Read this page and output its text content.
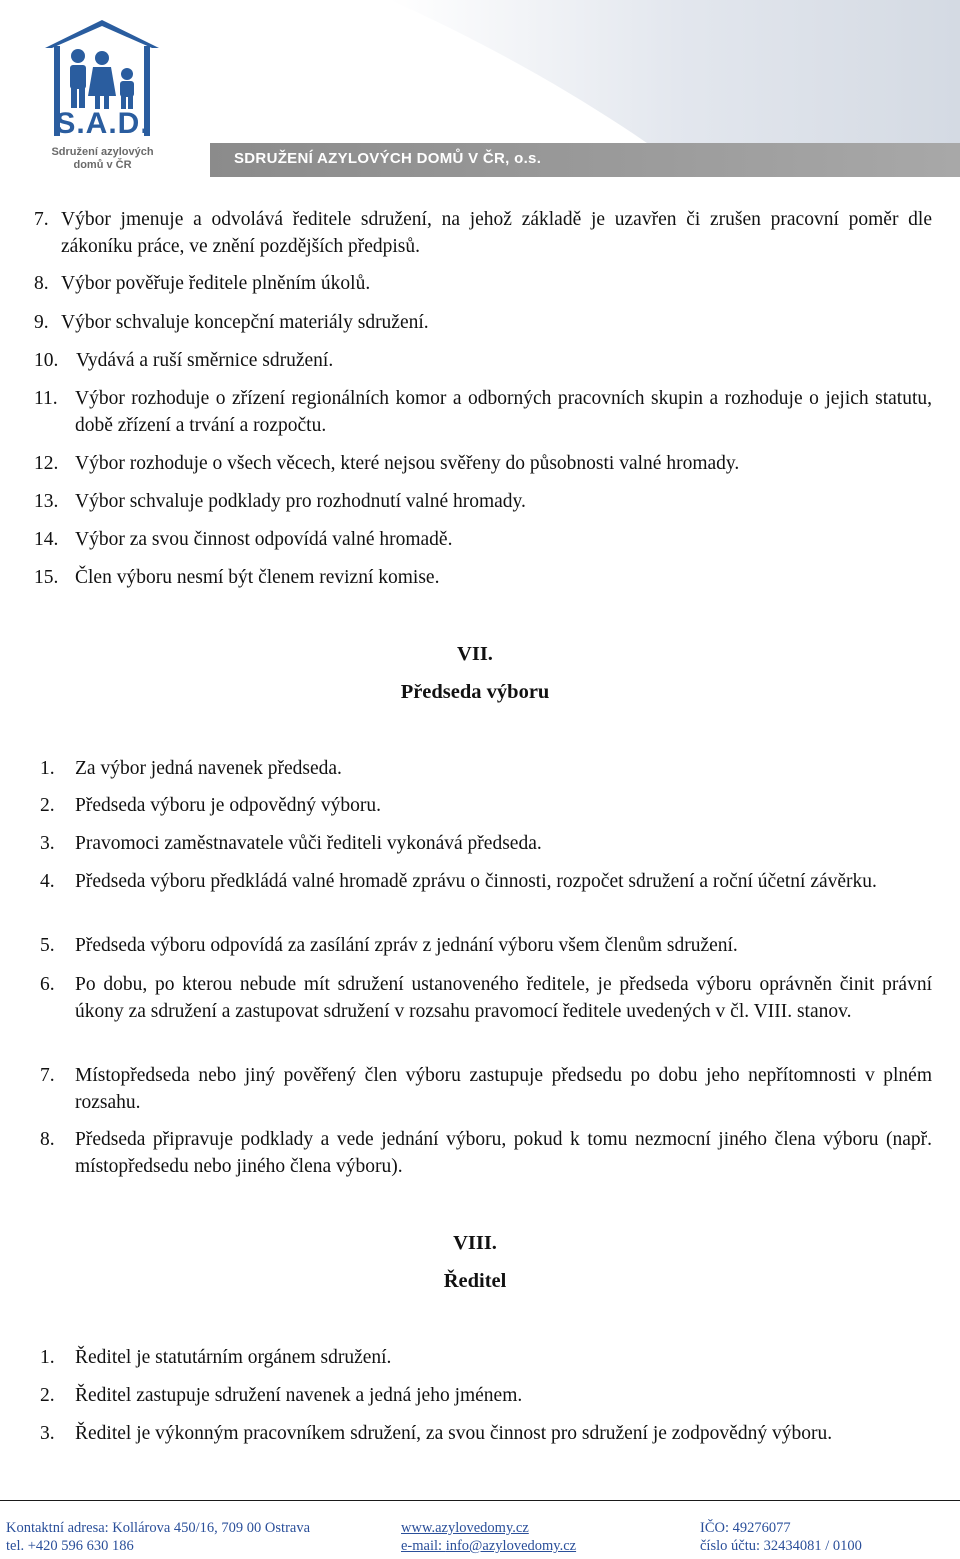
S.A.D.
Sdružení azylových domů v ČR	SDRUŽENÍ AZYLOVÝCH DOMŮ V ČR, o.s.
7. Výbor jmenuje a odvolává ředitele sdružení, na jehož základě je uzavřen či zrušen pracovní poměr dle zákoníku práce, ve znění pozdějších předpisů.
8. Výbor pověřuje ředitele plněním úkolů.
9. Výbor schvaluje koncepční materiály sdružení.
10. Vydává a ruší směrnice sdružení.
11. Výbor rozhoduje o zřízení regionálních komor a odborných pracovních skupin a rozhoduje o jejich statutu, době zřízení a trvání a rozpočtu.
12. Výbor rozhoduje o všech věcech, které nejsou svěřeny do působnosti valné hromady.
13. Výbor schvaluje podklady pro rozhodnutí valné hromady.
14. Výbor za svou činnost odpovídá valné hromadě.
15. Člen výboru nesmí být členem revizní komise.
VII.
Předseda výboru
1.	Za výbor jedná navenek předseda.
2.	Předseda výboru je odpovědný výboru.
3.	Pravomoci zaměstnavatele vůči řediteli vykonává předseda.
4.	Předseda výboru předkládá valné hromadě zprávu o činnosti, rozpočet sdružení a roční účetní závěrku.
5.	Předseda výboru odpovídá za zasílání zpráv z jednání výboru všem členům sdružení.
6.	Po dobu, po kterou nebude mít sdružení ustanoveného ředitele, je předseda výboru oprávněn činit právní úkony za sdružení a zastupovat sdružení v rozsahu pravomocí ředitele uvedených v čl. VIII. stanov.
7.	Místopředseda nebo jiný pověřený člen výboru zastupuje předsedu po dobu jeho nepřítomnosti v plném rozsahu.
8.	Předseda připravuje podklady a vede jednání výboru, pokud k tomu nezmocní jiného člena výboru (např. místopředsedu nebo jiného člena výboru).
VIII.
Ředitel
1.	Ředitel je statutárním orgánem sdružení.
2.	Ředitel zastupuje sdružení navenek a jedná jeho jménem.
3.	Ředitel je výkonným pracovníkem sdružení, za svou činnost pro sdružení je zodpovědný výboru.
Kontaktní adresa: Kollárova 450/16, 709 00 Ostrava
tel. +420 596 630 186
www.azylovedomy.cz
e-mail: info@azylovedomy.cz
IČO: 49276077
číslo účtu: 32434081 / 0100
